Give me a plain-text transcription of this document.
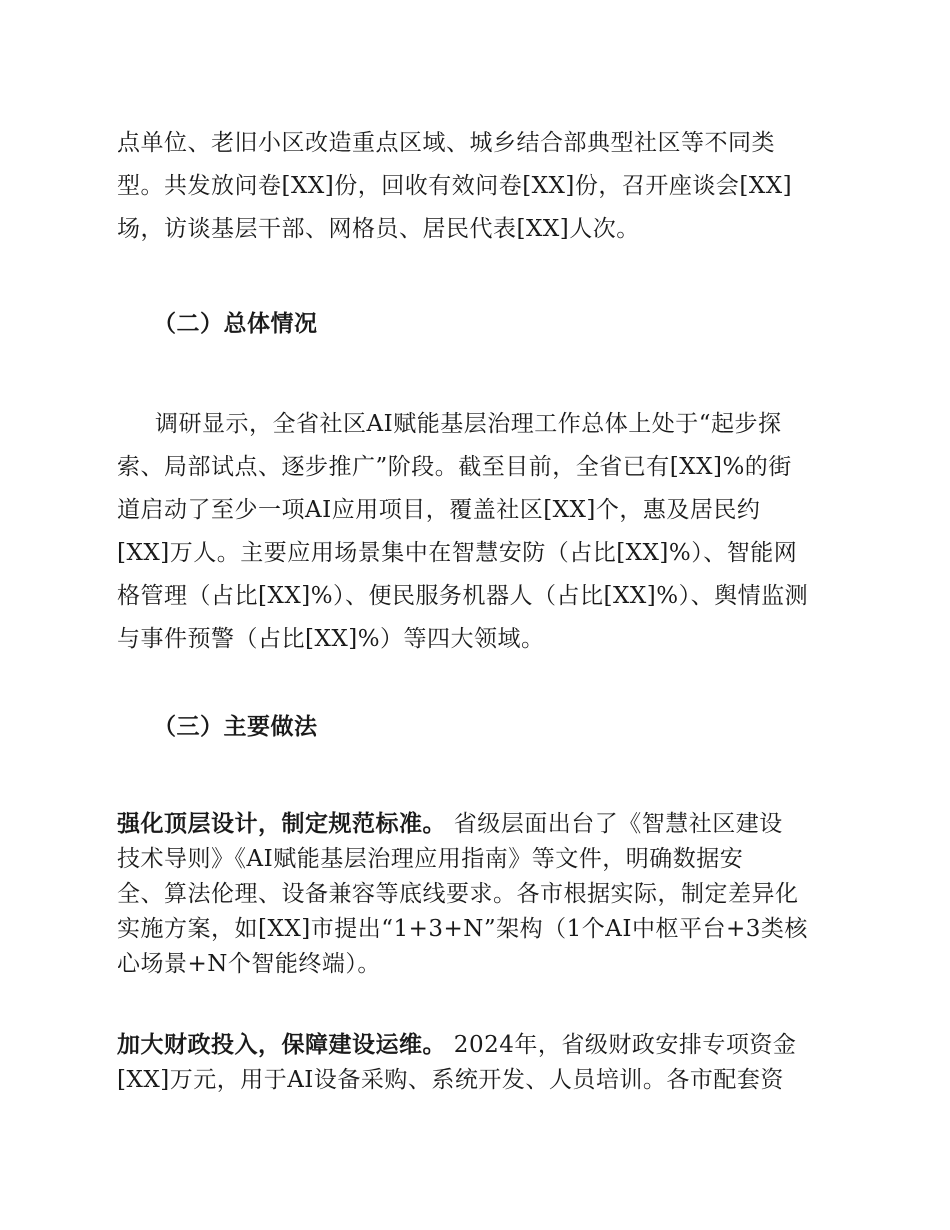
点单位、老旧小区改造重点区域、城乡结合部典型社区等不同类
型。共发放问卷[XX]份，回收有效问卷[XX]份，召开座谈会[XX]
场，访谈基层干部、网格员、居民代表[XX]人次。
（二）总体情况
调研显示，全省社区AI赋能基层治理工作总体上处于“起步探
索、局部试点、逐步推广”阶段。截至目前，全省已有[XX]%的街
道启动了至少一项AI应用项目，覆盖社区[XX]个，惠及居民约
[XX]万人。主要应用场景集中在智慧安防（占比[XX]%）、智能网
格管理（占比[XX]%）、便民服务机器人（占比[XX]%）、舆情监测
与事件预警（占比[XX]%）等四大领域。
（三）主要做法
强化顶层设计，制定规范标准。 省级层面出台了《智慧社区建设
技术导则》《AI赋能基层治理应用指南》等文件，明确数据安
全、算法伦理、设备兼容等底线要求。各市根据实际，制定差异化
实施方案，如[XX]市提出“1+3+N”架构（1个AI中枢平台+3类核
心场景+N个智能终端）。
加大财政投入，保障建设运维。 2024年，省级财政安排专项资金
[XX]万元，用于AI设备采购、系统开发、人员培训。各市配套资
